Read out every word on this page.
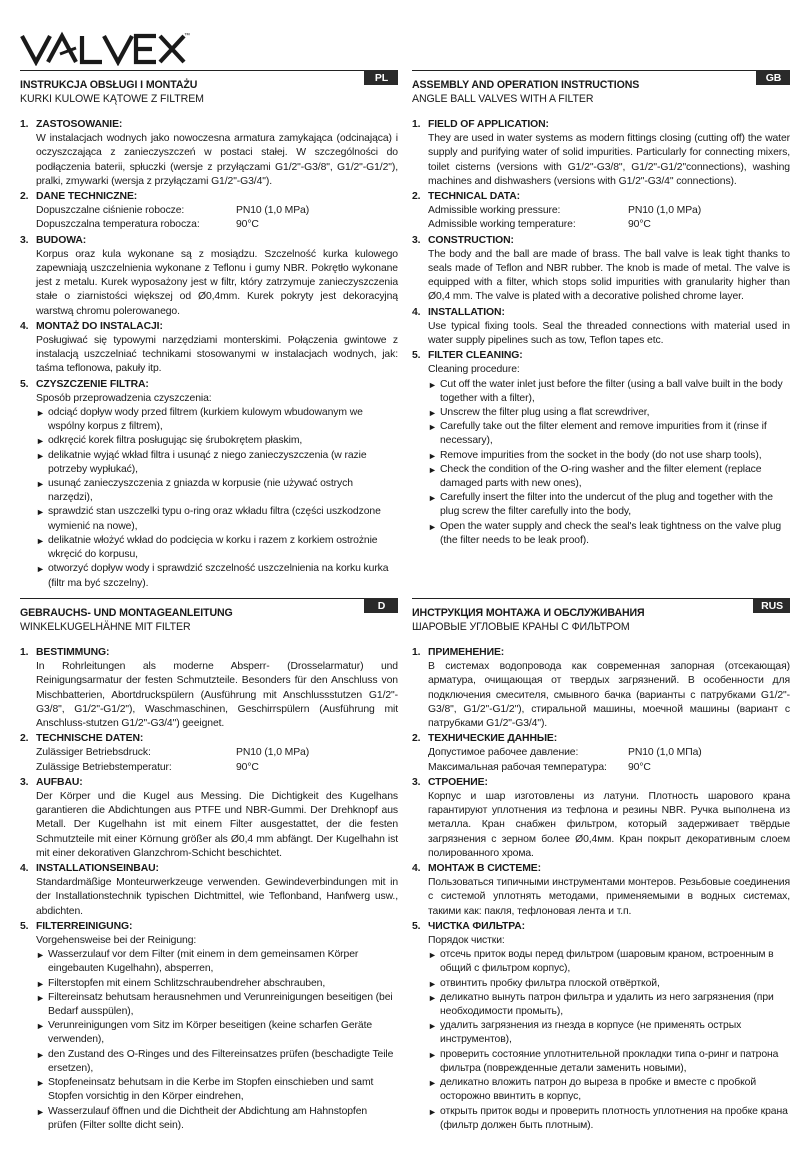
™
PL
INSTRUKCJA OBSŁUGI I MONTAŻU
KURKI KULOWE KĄTOWE Z FILTREM
1. ZASTOSOWANIE:
W instalacjach wodnych jako nowoczesna armatura zamykająca (odcinająca) i oczyszczająca z zanieczyszczeń w postaci stałej. W szczególności do podłączenia baterii, spłuczki (wersje z przyłączami G1/2"-G3/8", G1/2"-G1/2"), pralki, zmywarki (wersja z przyłączami G1/2"-G3/4").
2. DANE TECHNICZNE:
Dopuszczalne ciśnienie robocze:	PN10 (1,0 MPa)
Dopuszczalna temperatura robocza:	90°C
3. BUDOWA:
Korpus oraz kula wykonane są z mosiądzu. Szczelność kurka kulowego zapewniają uszczelnienia wykonane z Teflonu i gumy NBR. Pokrętło wykonane jest z metalu. Kurek wyposażony jest w filtr, który zatrzymuje zanieczyszczenia stałe o ziarnistości większej od Ø0,4mm. Kurek pokryty jest dekoracyjną warstwą chromu polerowanego.
4. MONTAŻ DO INSTALACJI:
Posługiwać się typowymi narzędziami monterskimi. Połączenia gwintowe z instalacją uszczelniać technikami stosowanymi w instalacjach wodnych, jak: taśma teflonowa, pakuły itp.
5. CZYSZCZENIE FILTRA:
Sposób przeprowadzenia czyszczenia:
► odciąć dopływ wody przed filtrem (kurkiem kulowym wbudowanym we wspólny korpus z filtrem),
► odkręcić korek filtra posługując się śrubokrętem płaskim,
► delikatnie wyjąć wkład filtra i usunąć z niego zanieczyszczenia (w razie potrzeby wypłukać),
► usunąć zanieczyszczenia z gniazda w korpusie (nie używać ostrych narzędzi),
► sprawdzić stan uszczelki typu o-ring oraz wkładu filtra (części uszkodzone wymienić na nowe),
► delikatnie włożyć wkład do podcięcia w korku i razem z korkiem ostrożnie wkręcić do korpusu,
► otworzyć dopływ wody i sprawdzić szczelność uszczelnienia na korku kurka (filtr ma być szczelny).
GB
ASSEMBLY AND OPERATION INSTRUCTIONS
ANGLE BALL VALVES WITH A FILTER
1. FIELD OF APPLICATION:
They are used in water systems as modern fittings closing (cutting off) the water supply and purifying water of solid impurities. Particularly for connecting mixers, toilet cisterns (versions with G1/2"-G3/8", G1/2"-G1/2"connections), washing machines and dishwashers (versions with G1/2"-G3/4" connections).
2. TECHNICAL DATA:
Admissible working pressure:	PN10 (1,0 MPa)
Admissible working temperature:	90°C
3. CONSTRUCTION:
The body and the ball are made of brass. The ball valve is leak tight thanks to seals made of Teflon and NBR rubber. The knob is made of metal. The valve is equipped with a filter, which stops solid impurities with granularity higher than Ø0,4 mm. The valve is plated with a decorative polished chrome layer.
4. INSTALLATION:
Use typical fixing tools. Seal the threaded connections with material used in water supply pipelines such as tow, Teflon tapes etc.
5. FILTER CLEANING:
Cleaning procedure:
► Cut off the water inlet just before the filter (using a ball valve built in the body together with a filter),
► Unscrew the filter plug using a flat screwdriver,
► Carefully take out the filter element and remove impurities from it (rinse if necessary),
► Remove impurities from the socket in the body (do not use sharp tools),
► Check the condition of the O-ring washer and the filter element (replace damaged parts with new ones),
► Carefully insert the filter into the undercut of the plug and together with the plug screw the filter carefully into the body,
► Open the water supply and check the seal's leak tightness on the valve plug (the filter needs to be leak proof).
D
GEBRAUCHS- UND MONTAGEANLEITUNG
WINKELKUGELHÄHNE MIT FILTER
1. BESTIMMUNG:
In Rohrleitungen als moderne Absperr- (Drosselarmatur) und Reinigungsarmatur der festen Schmutzteile. Besonders für den Anschluss von Mischbatterien, Abortdruckspülern (Ausführung mit Anschlussstutzen G1/2"- G3/8", G1/2"-G1/2"), Waschmaschinen, Geschirrspülern (Ausführung mit Anschluss-stutzen G1/2"-G3/4") geeignet.
2. TECHNISCHE DATEN:
Zulässiger Betriebsdruck:	PN10 (1,0 MPa)
Zulässige Betriebstemperatur:	90°C
3. AUFBAU:
Der Körper und die Kugel aus Messing. Die Dichtigkeit des Kugelhans garantieren die Abdichtungen aus PTFE und NBR-Gummi. Der Drehknopf aus Metall. Der Kugelhahn ist mit einem Filter ausgestattet, der die festen Schmutzteile mit einer Körnung größer als Ø0,4 mm abfängt. Der Kugelhahn ist mit einer dekorativen Glanzchrom-Schicht beschichtet.
4. INSTALLATIONSEINBAU:
Standardmäßige Monteurwerkzeuge verwenden. Gewindeverbindungen mit in der Installationstechnik typischen Dichtmittel, wie Teflonband, Hanfwerg usw., abdichten.
5. FILTERREINIGUNG:
Vorgehensweise bei der Reinigung:
► Wasserzulauf vor dem Filter (mit einem in dem gemeinsamen Körper eingebauten Kugelhahn), absperren,
► Filterstopfen mit einem Schlitzschraubendreher abschrauben,
► Filtereinsatz behutsam herausnehmen und Verunreinigungen beseitigen (bei Bedarf ausspülen),
► Verunreinigungen vom Sitz im Körper beseitigen (keine scharfen Geräte verwenden),
► den Zustand des O-Ringes und des Filtereinsatzes prüfen (beschadigte Teile ersetzen),
► Stopfeneinsatz behutsam in die Kerbe im Stopfen einschieben und samt Stopfen vorsichtig in den Körper eindrehen,
► Wasserzulauf öffnen und die Dichtheit der Abdichtung am Hahnstopfen prüfen (Filter sollte dicht sein).
RUS
ИНСТРУКЦИЯ МОНТАЖА И ОБСЛУЖИВАНИЯ
ШАРОВЫЕ УГЛОВЫЕ КРАНЫ С ФИЛЬТРОМ
1. ПРИМЕНЕНИЕ:
В системах водопровода как современная запорная (отсекающая) арматура, очищающая от твердых загрязнений. В особенности для подключения смесителя, смывного бачка (варианты с патрубками G1/2"-G3/8", G1/2"-G1/2"), стиральной машины, моечной машины (вариант с патрубками G1/2"-G3/4").
2. ТЕХНИЧЕСКИЕ ДАННЫЕ:
Допустимое рабочее давление:	PN10 (1,0 МПа)
Максимальная рабочая температура:	90°C
3. СТРОЕНИЕ:
Корпус и шар изготовлены из латуни. Плотность шарового крана гарантируют уплотнения из тефлона и резины NBR. Ручка выполнена из металла. Кран снабжен фильтром, который задерживает твёрдые загрязнения с зерном более Ø0,4мм. Кран покрыт декоративным слоем полированного хрома.
4. МОНТАЖ В СИСТЕМЕ:
Пользоваться типичными инструментами монтеров. Резьбовые соединения с системой уплотнять методами, применяемыми в водных системах, такими как: пакля, тефлоновая лента и т.п.
5. ЧИСТКА ФИЛЬТРА:
Порядок чистки:
► отсечь приток воды перед фильтром (шаровым краном, встроенным в общий с фильтром корпус),
► отвинтить пробку фильтра плоской отвёрткой,
► деликатно вынуть патрон фильтра и удалить из него загрязнения (при необходимости промыть),
► удалить загрязнения из гнезда в корпусе (не применять острых инструментов),
► проверить состояние уплотнительной прокладки типа о-ринг и патрона фильтра (поврежденные детали заменить новыми),
► деликатно вложить патрон до выреза в пробке и вместе с пробкой осторожно ввинтить в корпус,
► открыть приток воды и проверить плотность уплотнения на пробке крана (фильтр должен быть плотным).
